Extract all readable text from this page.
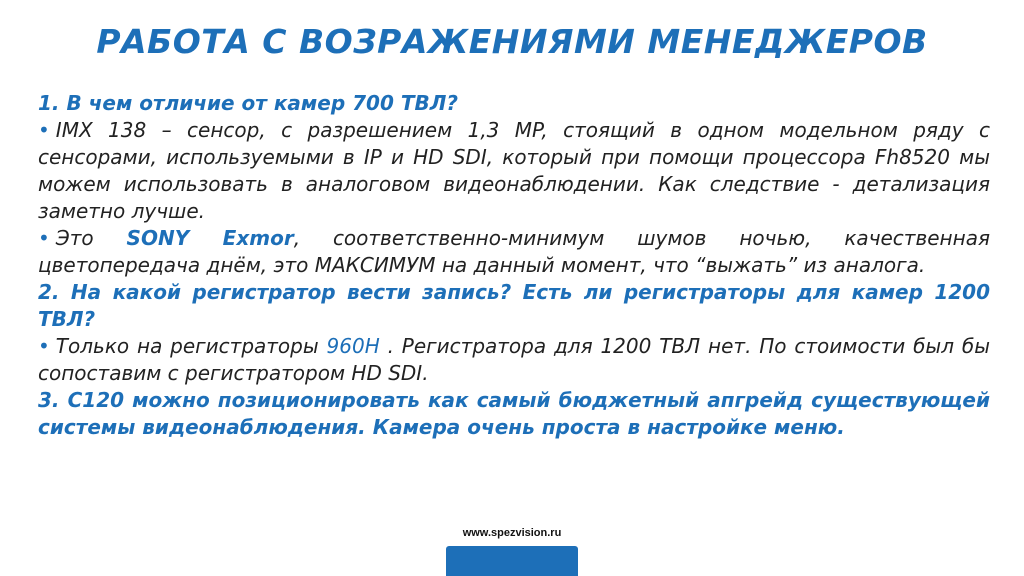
РАБОТА С ВОЗРАЖЕНИЯМИ МЕНЕДЖЕРОВ

1. В чем отличие от камер 700 ТВЛ?

• IMX 138 – сенсор, с разрешением 1,3 MP, стоящий в одном модельном ряду с сенсорами, используемыми в IP и HD SDI, который при помощи процессора Fh8520 мы можем использовать в аналоговом видеонаблюдении. Как следствие - детализация заметно лучше.

• Это SONY Exmor, соответственно-минимум шумов ночью, качественная цветопередача днём, это МАКСИМУМ на данный момент, что “выжать” из аналога.

2. На какой регистратор вести запись? Есть ли регистраторы для камер 1200 ТВЛ?

• Только на регистраторы 960H . Регистратора для 1200 ТВЛ нет. По стоимости был бы сопоставим с регистратором HD SDI.

3. С120 можно позиционировать как самый бюджетный апгрейд существующей системы видеонаблюдения. Камера очень проста в настройке меню.

www.spezvision.ru
